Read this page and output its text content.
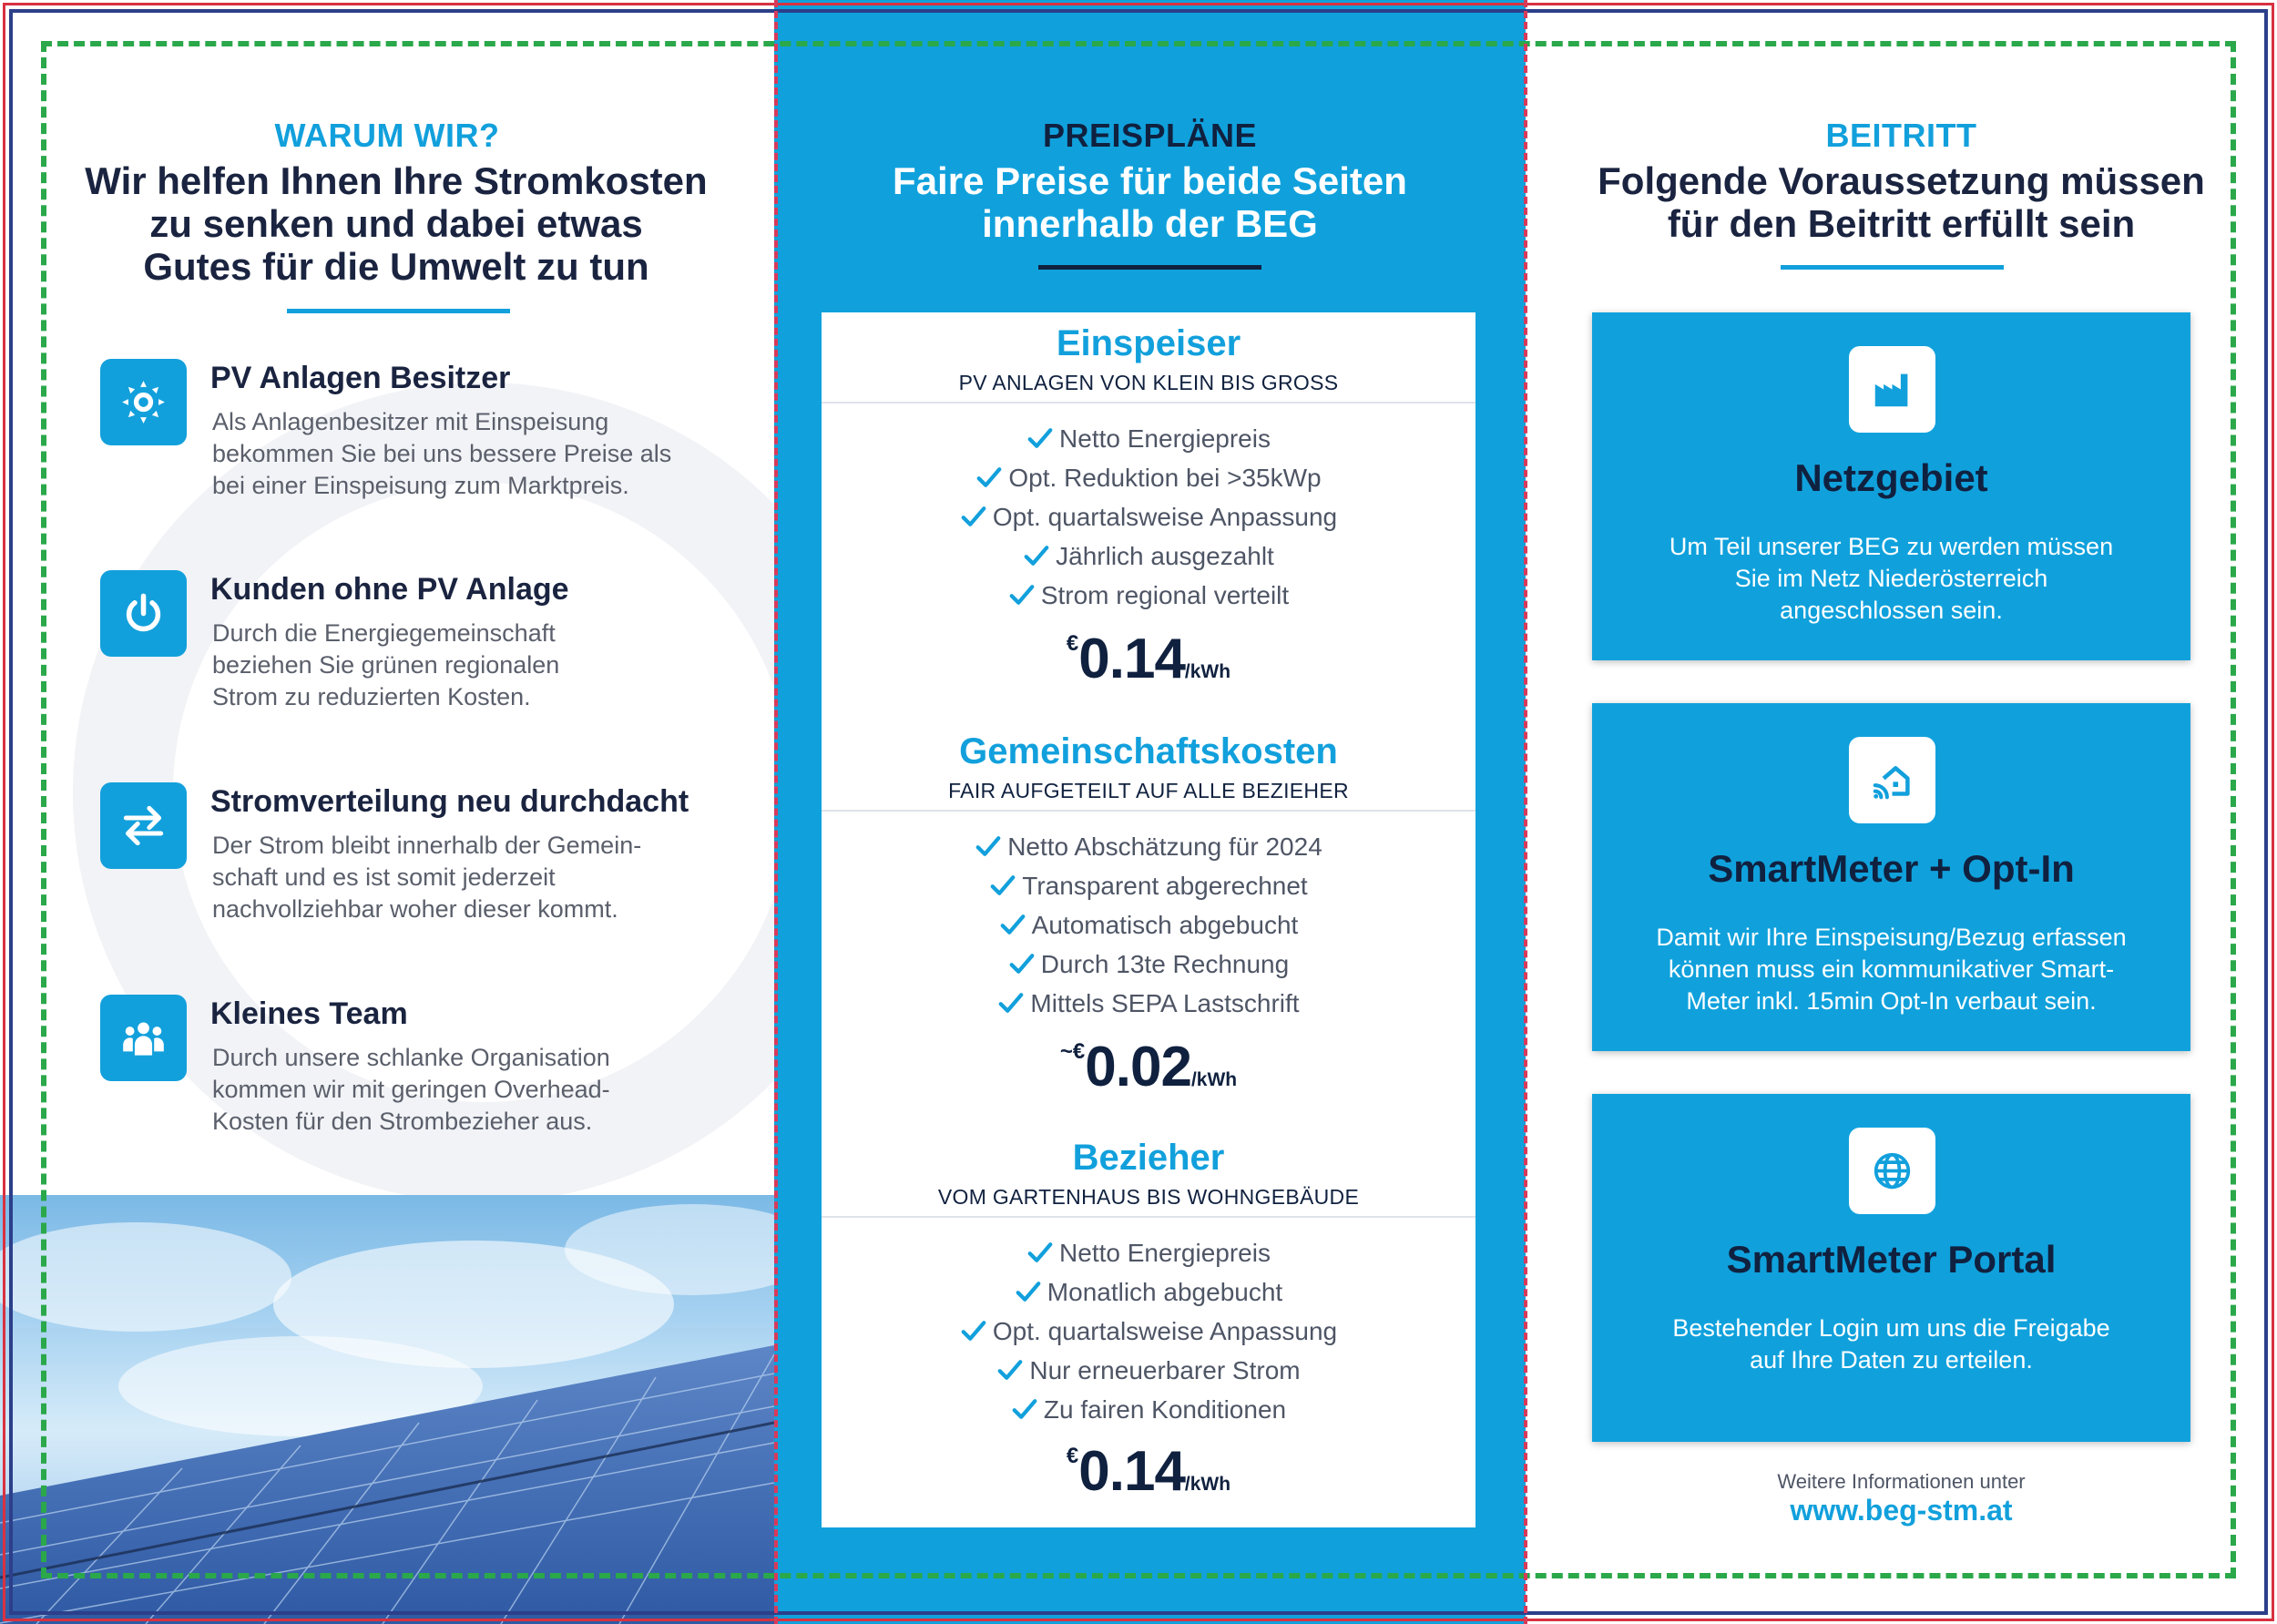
WARUM WIR?
Wir helfen Ihnen Ihre Stromkosten
zu senken und dabei etwas
Gutes für die Umwelt zu tun
PV Anlagen Besitzer
Als Anlagenbesitzer mit Einspeisung
bekommen Sie bei uns bessere Preise als
bei einer Einspeisung zum Marktpreis.
Kunden ohne PV Anlage
Durch die Energiegemeinschaft
beziehen Sie grünen regionalen
Strom zu reduzierten Kosten.
Stromverteilung neu durchdacht
Der Strom bleibt innerhalb der Gemein-
schaft und es ist somit jederzeit
nachvollziehbar woher dieser kommt.
Kleines Team
Durch unsere schlanke Organisation
kommen wir mit geringen Overhead-
Kosten für den Strombezieher aus.
PREISPLÄNE
Faire Preise für beide Seiten
innerhalb der BEG
Einspeiser
PV ANLAGEN VON KLEIN BIS GROSS
Netto Energiepreis
Opt. Reduktion bei >35kWp
Opt. quartalsweise Anpassung
Jährlich ausgezahlt
Strom regional verteilt
€0.14/kWh
Gemeinschaftskosten
FAIR AUFGETEILT AUF ALLE BEZIEHER
Netto Abschätzung für 2024
Transparent abgerechnet
Automatisch abgebucht
Durch 13te Rechnung
Mittels SEPA Lastschrift
~€0.02/kWh
Bezieher
VOM GARTENHAUS BIS WOHNGEBÄUDE
Netto Energiepreis
Monatlich abgebucht
Opt. quartalsweise Anpassung
Nur erneuerbarer Strom
Zu fairen Konditionen
€0.14/kWh
BEITRITT
Folgende Voraussetzung müssen
für den Beitritt erfüllt sein
Netzgebiet
Um Teil unserer BEG zu werden müssen
Sie im Netz Niederösterreich
angeschlossen sein.
SmartMeter + Opt-In
Damit wir Ihre Einspeisung/Bezug erfassen
können muss ein kommunikativer Smart-
Meter inkl. 15min Opt-In verbaut sein.
SmartMeter Portal
Bestehender Login um uns die Freigabe
auf Ihre Daten zu erteilen.
Weitere Informationen unter
www.beg-stm.at
